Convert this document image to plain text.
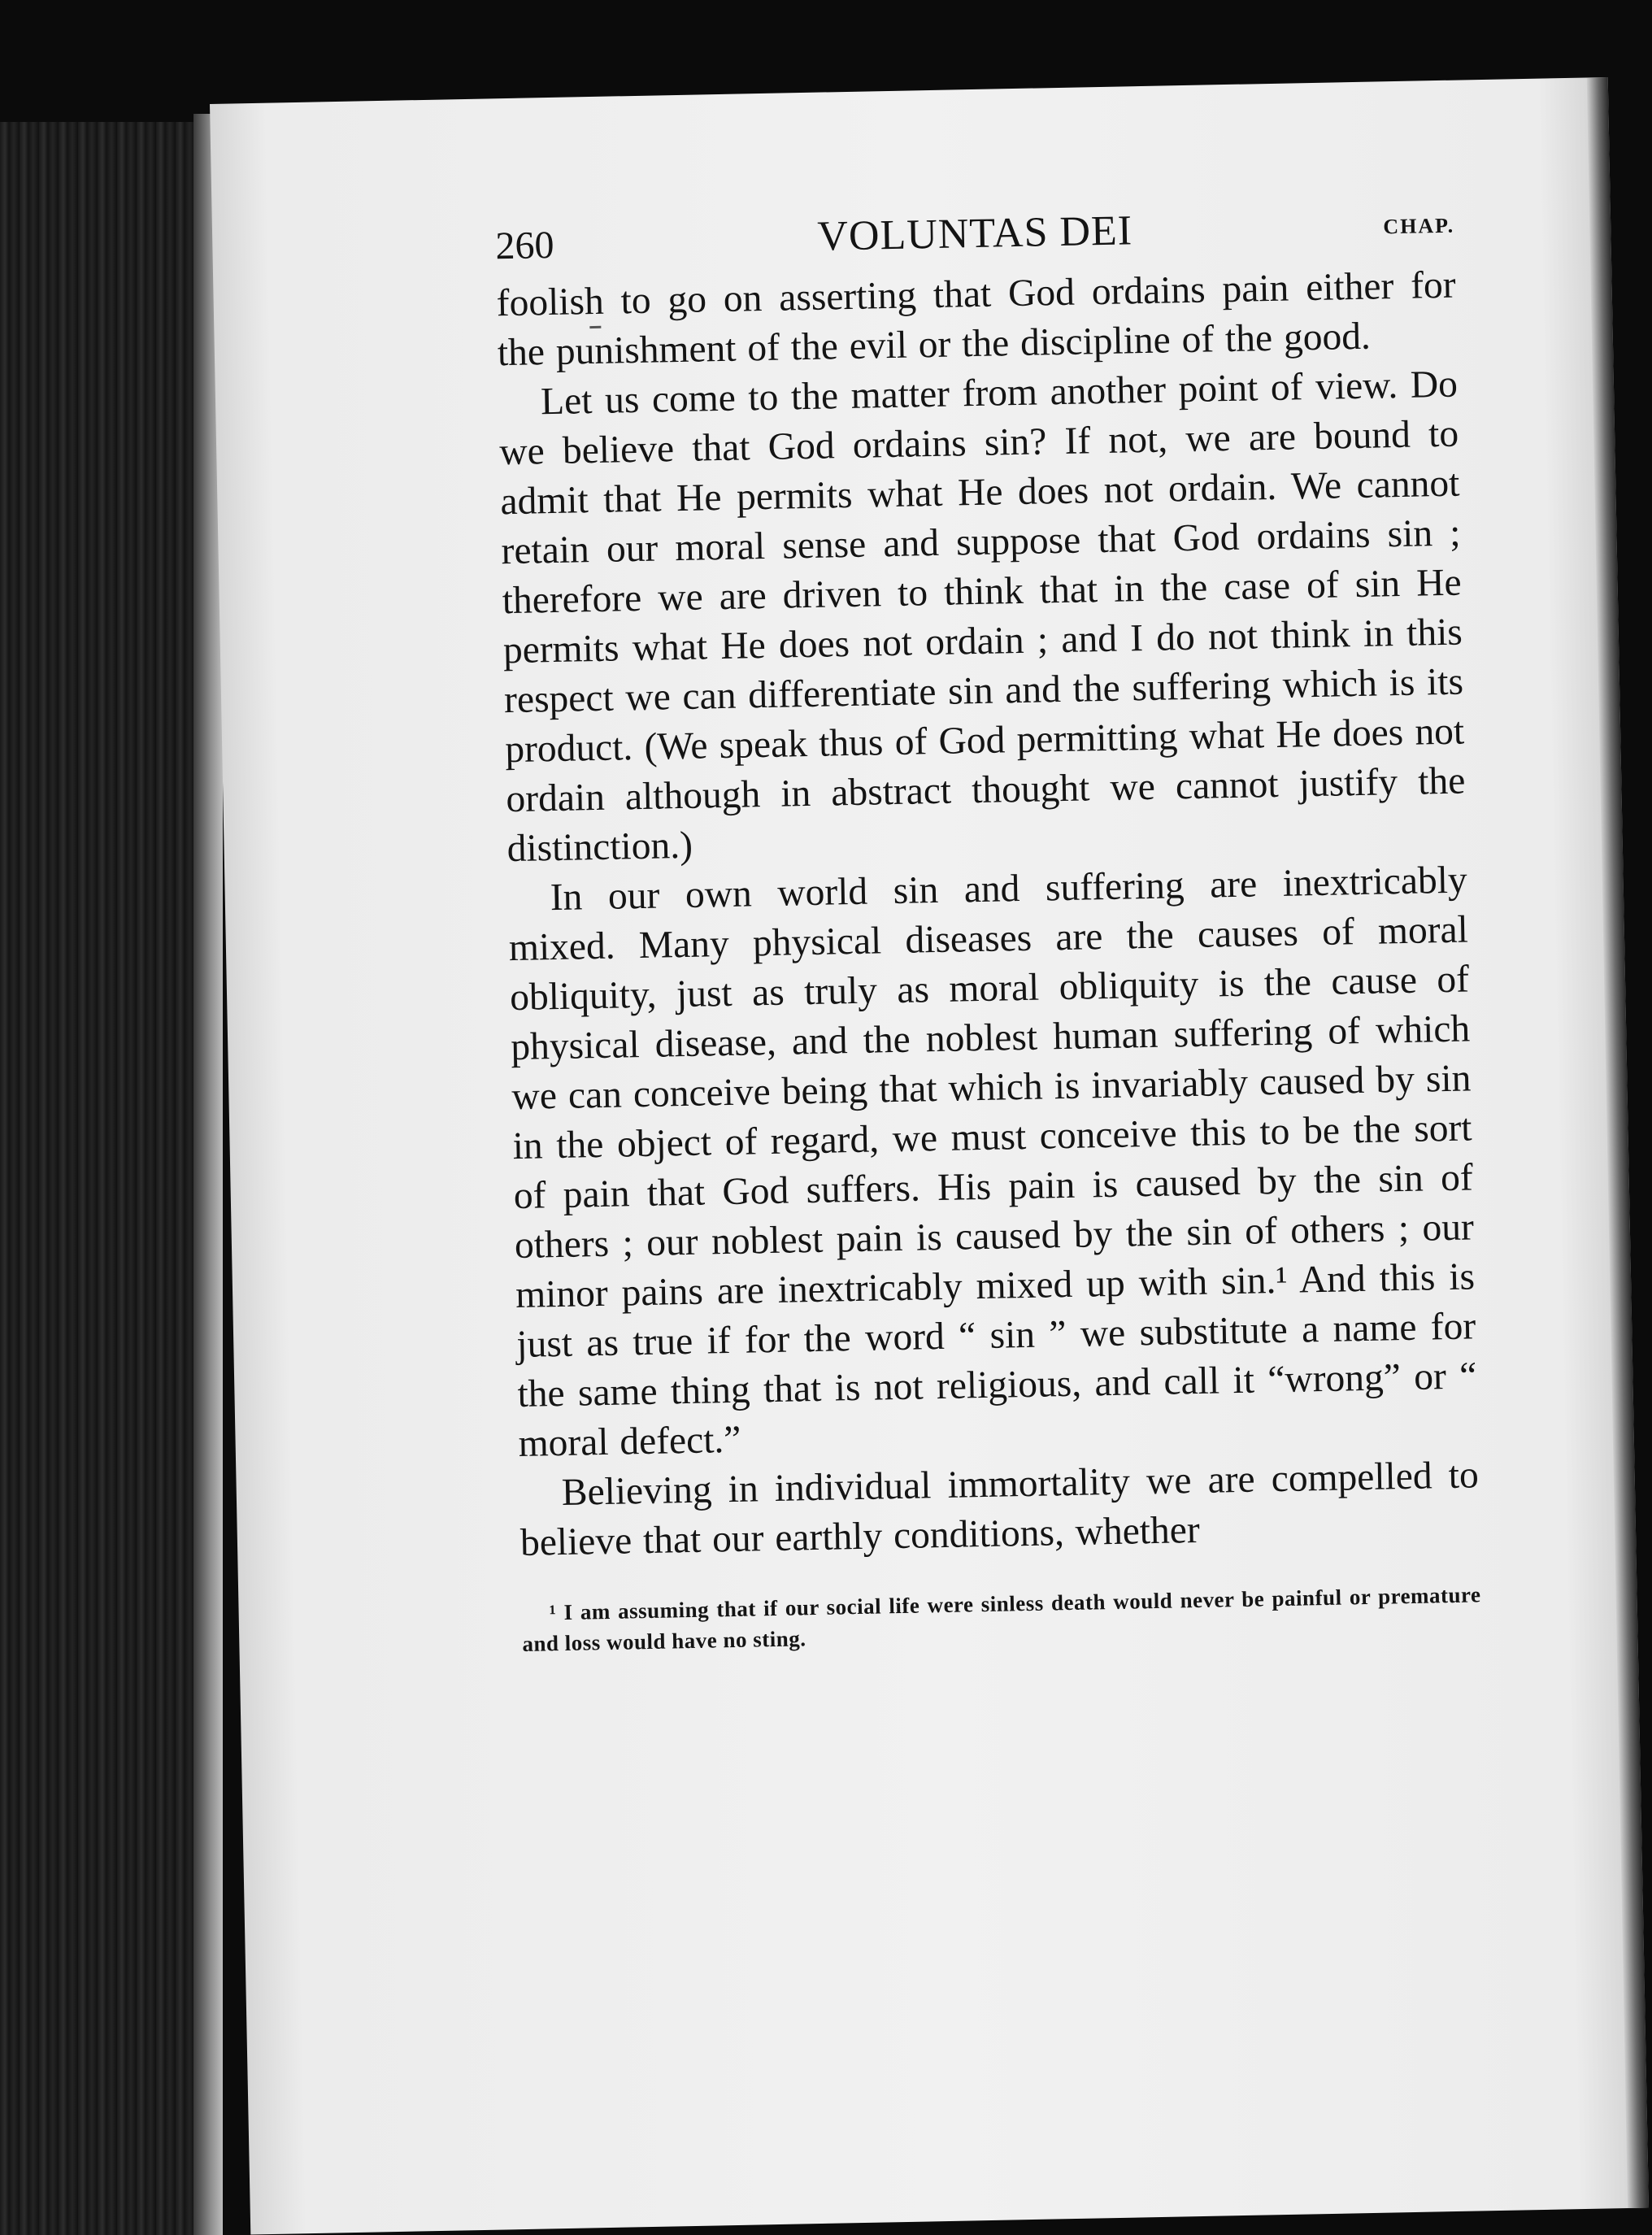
260	VOLUNTAS DEI	CHAP.

foolish to go on asserting that God ordains pain either for the punishment of the evil or the discipline of the good.

Let us come to the matter from another point of view. Do we believe that God ordains sin? If not, we are bound to admit that He permits what He does not ordain. We cannot retain our moral sense and suppose that God ordains sin ; therefore we are driven to think that in the case of sin He permits what He does not ordain ; and I do not think in this respect we can differentiate sin and the suffering which is its product. (We speak thus of God permitting what He does not ordain although in abstract thought we cannot justify the distinction.)

In our own world sin and suffering are inextricably mixed. Many physical diseases are the causes of moral obliquity, just as truly as moral obliquity is the cause of physical disease, and the noblest human suffering of which we can conceive being that which is invariably caused by sin in the object of regard, we must conceive this to be the sort of pain that God suffers. His pain is caused by the sin of others ; our noblest pain is caused by the sin of others ; our minor pains are inextricably mixed up with sin.¹ And this is just as true if for the word “ sin ” we substitute a name for the same thing that is not religious, and call it “wrong” or “ moral defect.”

Believing in individual immortality we are compelled to believe that our earthly conditions, whether

¹ I am assuming that if our social life were sinless death would never be painful or premature and loss would have no sting.
